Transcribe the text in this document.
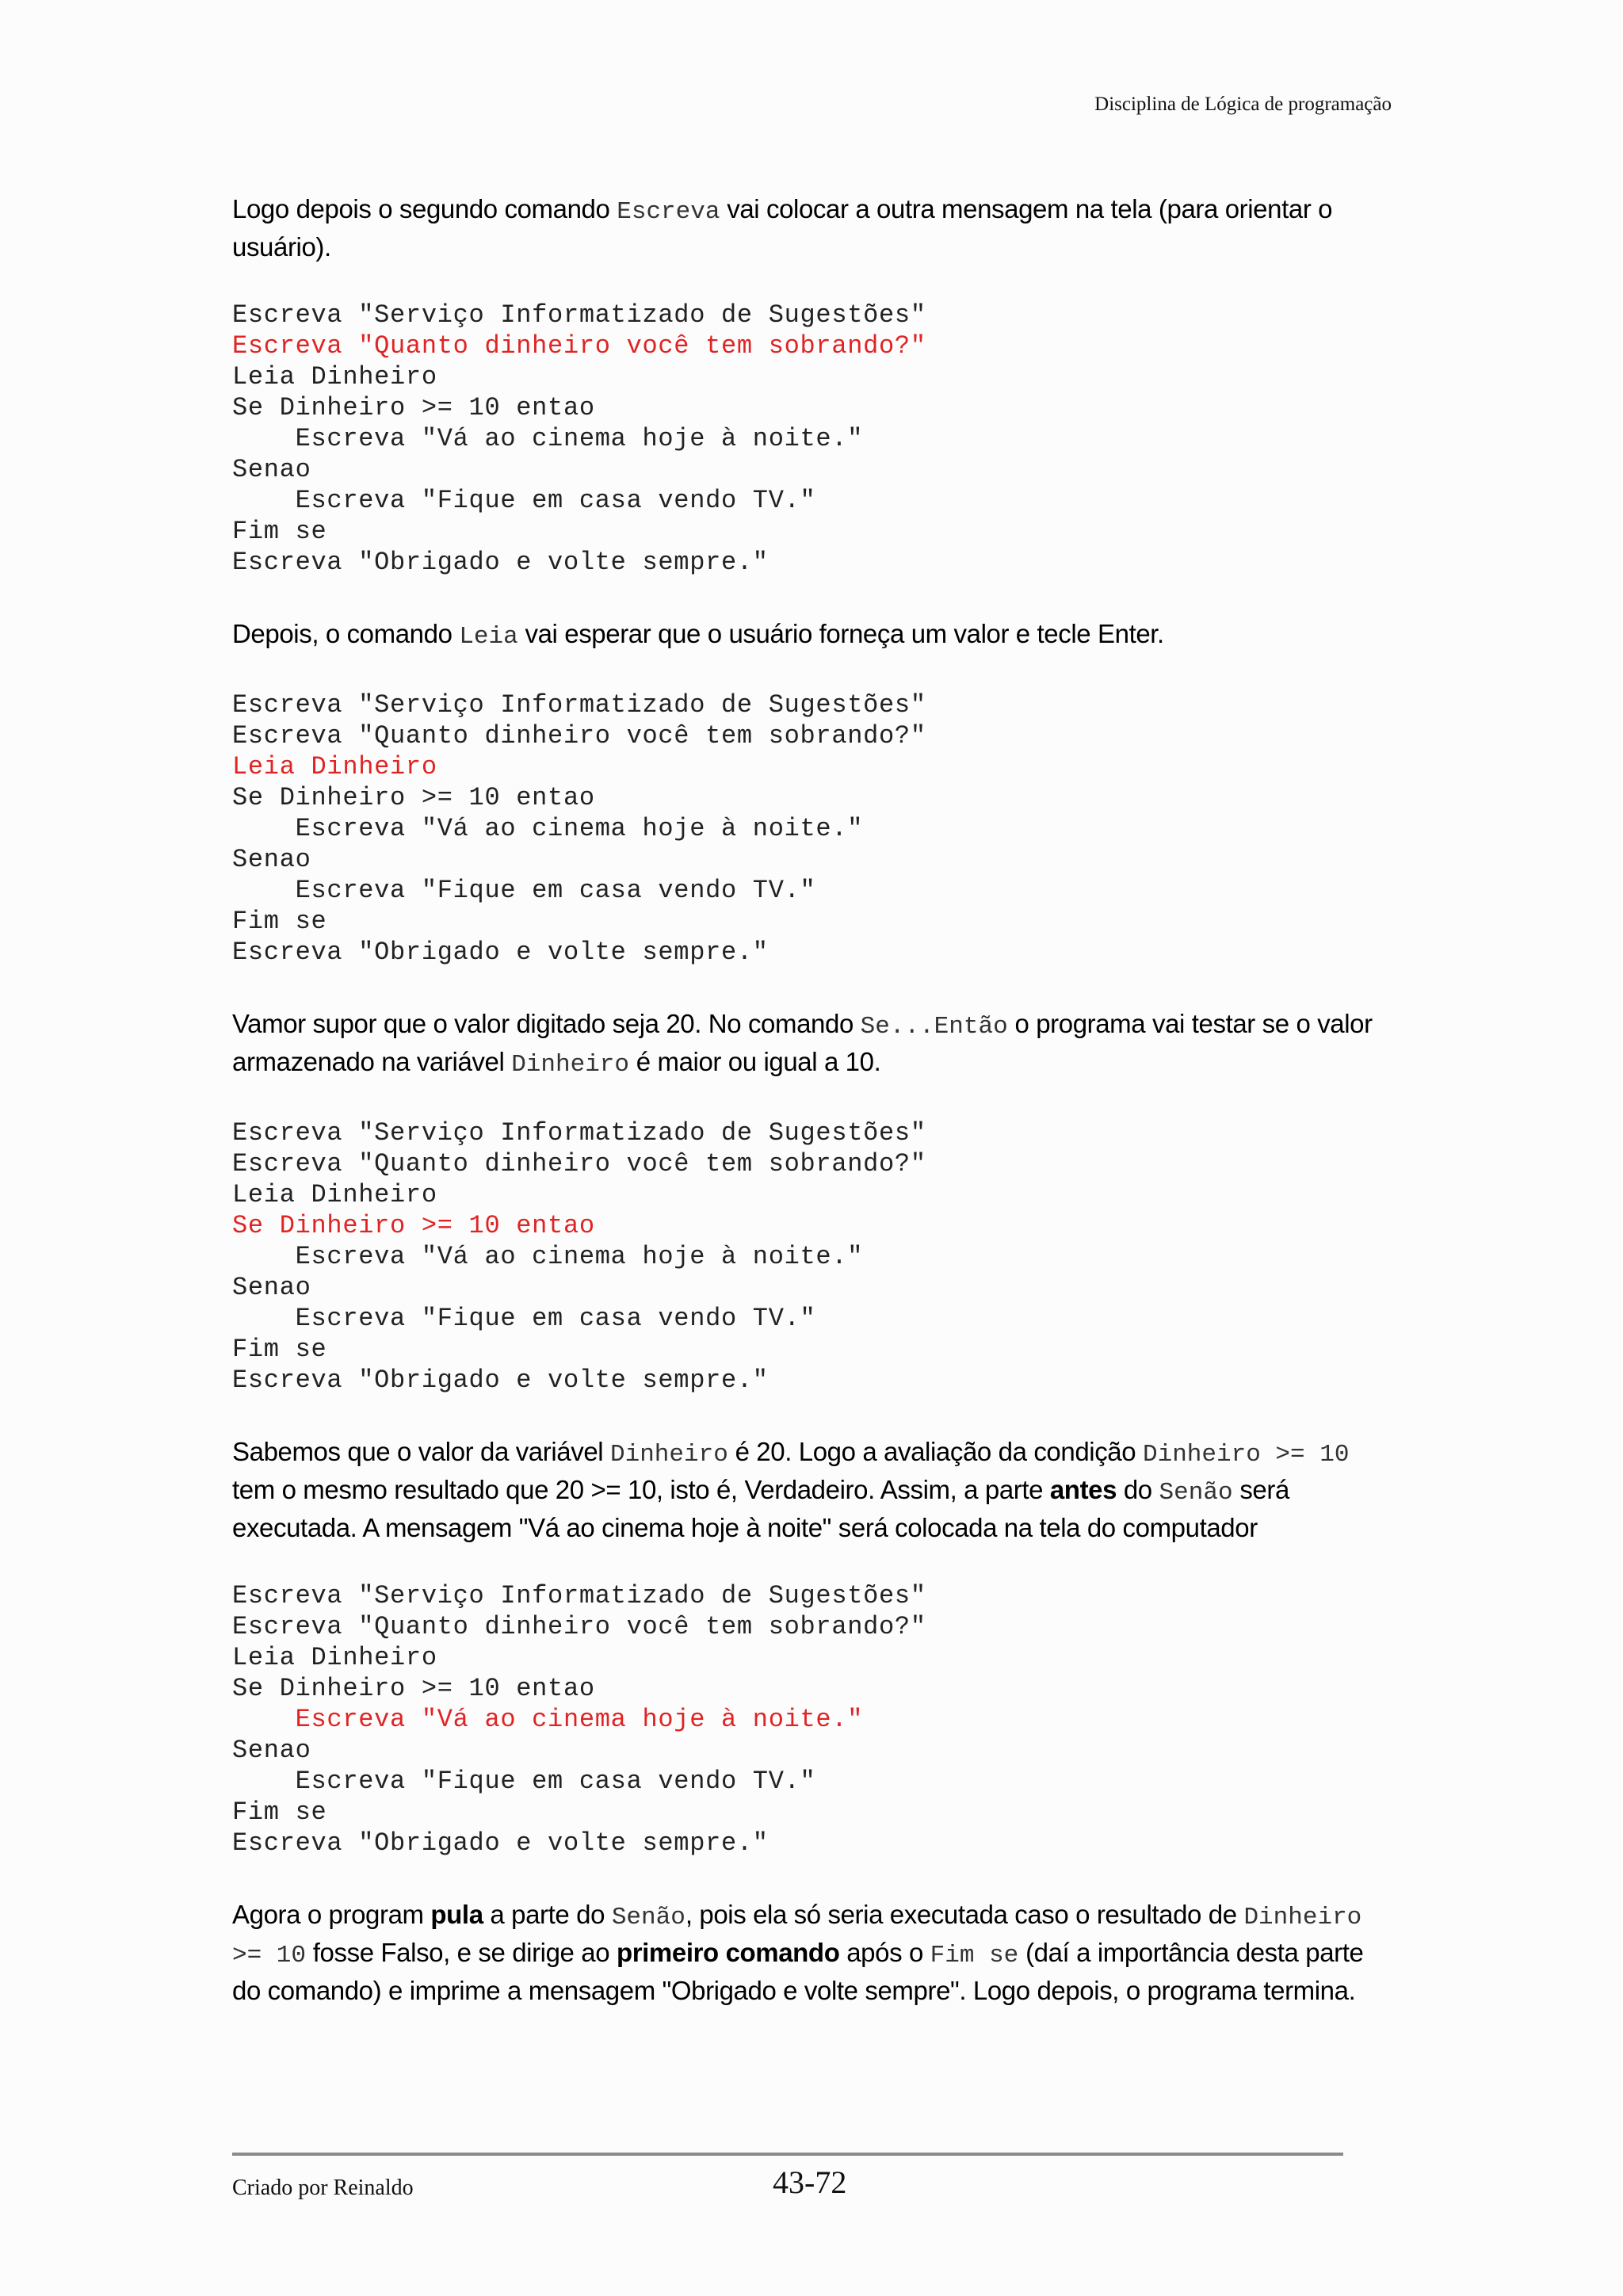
Disciplina de Lógica de programação

Logo depois o segundo comando Escreva vai colocar a outra mensagem na tela (para orientar o usuário).

Escreva "Serviço Informatizado de Sugestões"
Escreva "Quanto dinheiro você tem sobrando?"
Leia Dinheiro
Se Dinheiro >= 10 entao
Escreva "Vá ao cinema hoje à noite."
Senao
Escreva "Fique em casa vendo TV."
Fim se
Escreva "Obrigado e volte sempre."

Depois, o comando Leia vai esperar que o usuário forneça um valor e tecle Enter.

Escreva "Serviço Informatizado de Sugestões"
Escreva "Quanto dinheiro você tem sobrando?"
Leia Dinheiro
Se Dinheiro >= 10 entao
Escreva "Vá ao cinema hoje à noite."
Senao
Escreva "Fique em casa vendo TV."
Fim se
Escreva "Obrigado e volte sempre."

Vamor supor que o valor digitado seja 20. No comando Se...Então o programa vai testar se o valor armazenado na variável Dinheiro é maior ou igual a 10.

Escreva "Serviço Informatizado de Sugestões"
Escreva "Quanto dinheiro você tem sobrando?"
Leia Dinheiro
Se Dinheiro >= 10 entao
Escreva "Vá ao cinema hoje à noite."
Senao
Escreva "Fique em casa vendo TV."
Fim se
Escreva "Obrigado e volte sempre."

Sabemos que o valor da variável Dinheiro é 20. Logo a avaliação da condição Dinheiro >= 10 tem o mesmo resultado que 20 >= 10, isto é, Verdadeiro. Assim, a parte antes do Senão será executada. A mensagem "Vá ao cinema hoje à noite" será colocada na tela do computador

Escreva "Serviço Informatizado de Sugestões"
Escreva "Quanto dinheiro você tem sobrando?"
Leia Dinheiro
Se Dinheiro >= 10 entao
Escreva "Vá ao cinema hoje à noite."
Senao
Escreva "Fique em casa vendo TV."
Fim se
Escreva "Obrigado e volte sempre."

Agora o program pula a parte do Senão, pois ela só seria executada caso o resultado de Dinheiro >= 10 fosse Falso, e se dirige ao primeiro comando após o Fim se (daí a importância desta parte do comando) e imprime a mensagem "Obrigado e volte sempre". Logo depois, o programa termina.

Criado por Reinaldo	43-72
